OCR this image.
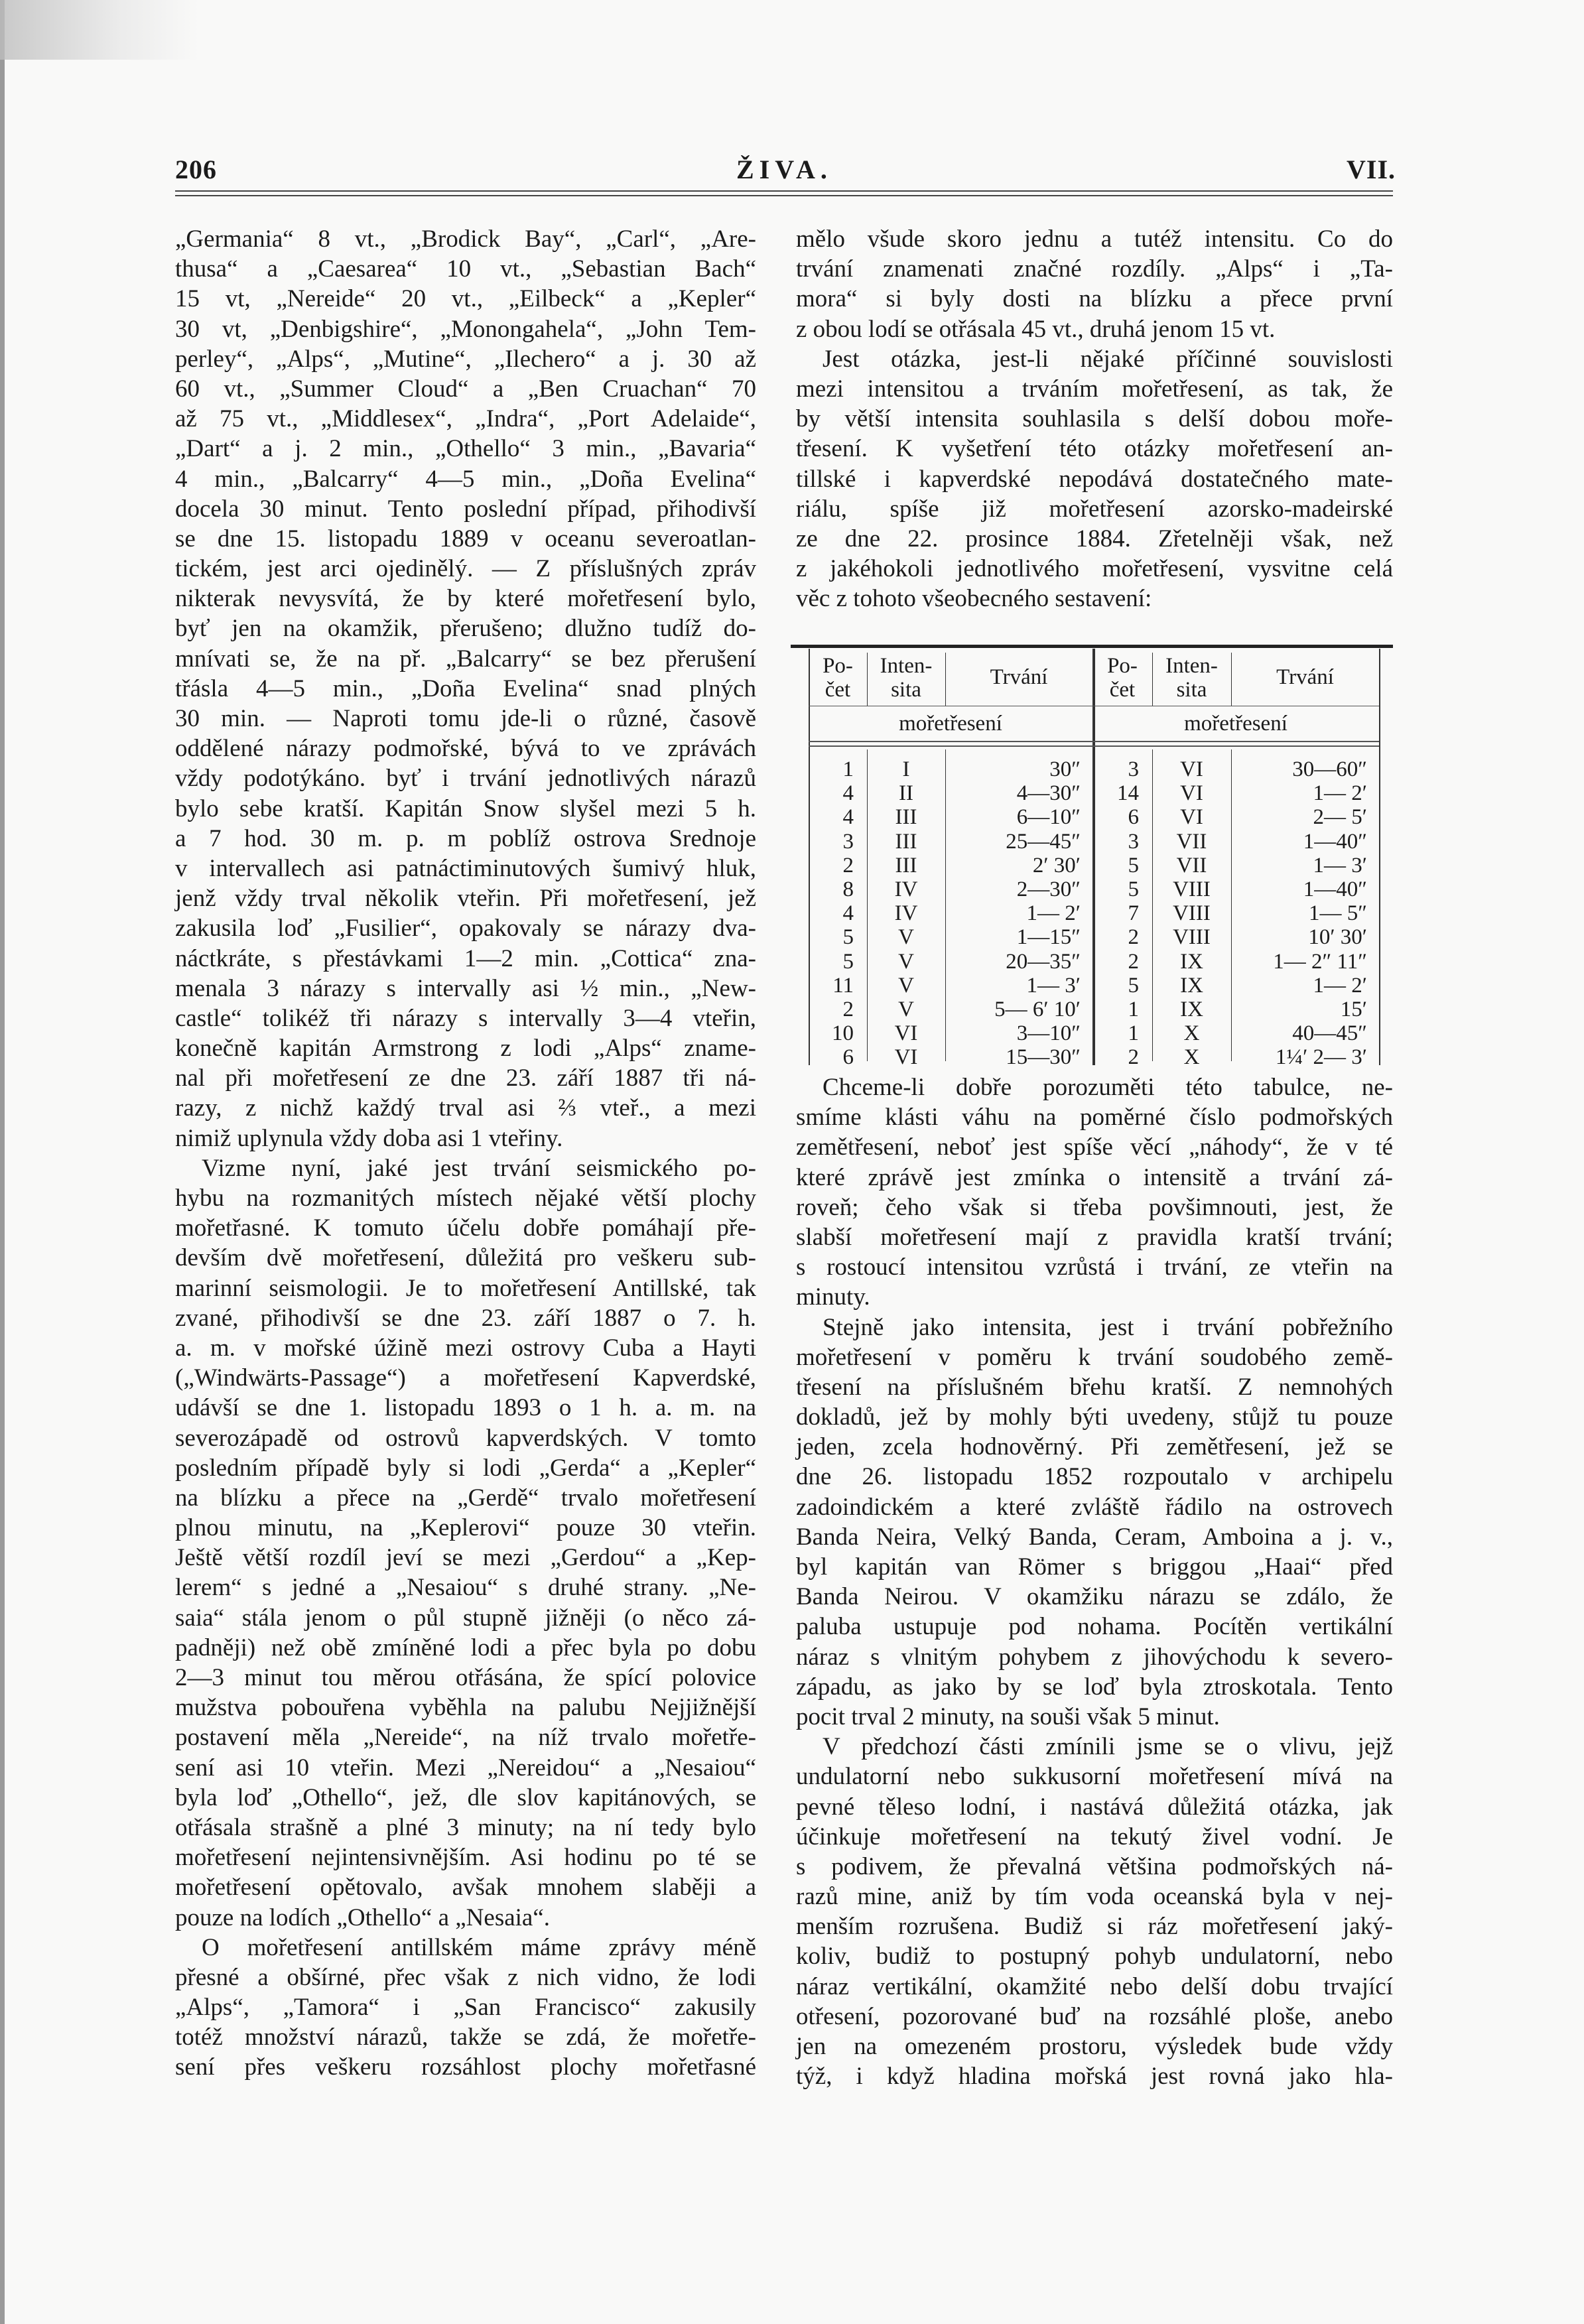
206	ŽIVA.	VII.
„Germania“ 8 vt., „Brodick Bay“, „Carl“, „Are-
thusa“ a „Caesarea“ 10 vt., „Sebastian Bach“
15 vt, „Nereide“ 20 vt., „Eilbeck“ a „Kepler“
30 vt, „Denbigshire“, „Monongahela“, „John Tem-
perley“, „Alps“, „Mutine“, „Ilechero“ a j. 30 až
60 vt., „Summer Cloud“ a „Ben Cruachan“ 70
až 75 vt., „Middlesex“, „Indra“, „Port Adelaide“,
„Dart“ a j. 2 min., „Othello“ 3 min., „Bavaria“
4 min., „Balcarry“ 4—5 min., „Doña Evelina“
docela 30 minut. Tento poslední případ, přihodivší
se dne 15. listopadu 1889 v oceanu severoatlan-
tickém, jest arci ojedinělý. — Z příslušných zpráv
nikterak nevysvítá, že by které mořetřesení bylo,
byť jen na okamžik, přerušeno; dlužno tudíž do-
mnívati se, že na př. „Balcarry“ se bez přerušení
třásla 4—5 min., „Doña Evelina“ snad plných
30 min. — Naproti tomu jde-li o různé, časově
oddělené nárazy podmořské, bývá to ve zprávách
vždy podotýkáno. byť i trvání jednotlivých nárazů
bylo sebe kratší. Kapitán Snow slyšel mezi 5 h.
a 7 hod. 30 m. p. m poblíž ostrova Srednoje
v intervallech asi patnáctiminutových šumivý hluk,
jenž vždy trval několik vteřin. Při mořetřesení, jež
zakusila loď „Fusilier“, opakovaly se nárazy dva-
náctkráte, s přestávkami 1—2 min. „Cottica“ zna-
menala 3 nárazy s intervally asi ½ min., „New-
castle“ tolikéž tři nárazy s intervally 3—4 vteřin,
konečně kapitán Armstrong z lodi „Alps“ zname-
nal při mořetřesení ze dne 23. září 1887 tři ná-
razy, z nichž každý trval asi ⅔ vteř., a mezi
nimiž uplynula vždy doba asi 1 vteřiny.
Vizme nyní, jaké jest trvání seismického po-
hybu na rozmanitých místech nějaké větší plochy
mořetřasné. K tomuto účelu dobře pomáhají pře-
devším dvě mořetřesení, důležitá pro veškeru sub-
marinní seismologii. Je to mořetřesení Antillské, tak
zvané, přihodivší se dne 23. září 1887 o 7. h.
a. m. v mořské úžině mezi ostrovy Cuba a Hayti
(„Windwärts-Passage“) a mořetřesení Kapverdské,
udávší se dne 1. listopadu 1893 o 1 h. a. m. na
severozápadě od ostrovů kapverdských. V tomto
posledním případě byly si lodi „Gerda“ a „Kepler“
na blízku a přece na „Gerdě“ trvalo mořetřesení
plnou minutu, na „Keplerovi“ pouze 30 vteřin.
Ještě větší rozdíl jeví se mezi „Gerdou“ a „Kep-
lerem“ s jedné a „Nesaiou“ s druhé strany. „Ne-
saia“ stála jenom o půl stupně jižněji (o něco zá-
padněji) než obě zmíněné lodi a přec byla po dobu
2—3 minut tou měrou otřásána, že spící polovice
mužstva pobouřena vyběhla na palubu Nejjižnější
postavení měla „Nereide“, na níž trvalo mořetře-
sení asi 10 vteřin. Mezi „Nereidou“ a „Nesaiou“
byla loď „Othello“, jež, dle slov kapitánových, se
otřásala strašně a plné 3 minuty; na ní tedy bylo
mořetřesení nejintensivnějším. Asi hodinu po té se
mořetřesení opětovalo, avšak mnohem slaběji a
pouze na lodích „Othello“ a „Nesaia“.
O mořetřesení antillském máme zprávy méně
přesné a obšírné, přec však z nich vidno, že lodi
„Alps“, „Tamora“ i „San Francisco“ zakusily
totéž množství nárazů, takže se zdá, že mořetře-
sení přes veškeru rozsáhlost plochy mořetřasné
mělo všude skoro jednu a tutéž intensitu. Co do
trvání znamenati značné rozdíly. „Alps“ i „Ta-
mora“ si byly dosti na blízku a přece první
z obou lodí se otřásala 45 vt., druhá jenom 15 vt.
Jest otázka, jest-li nějaké příčinné souvislosti
mezi intensitou a trváním mořetřesení, as tak, že
by větší intensita souhlasila s delší dobou moře-
třesení. K vyšetření této otázky mořetřesení an-
tillské i kapverdské nepodává dostatečného mate-
riálu, spíše již mořetřesení azorsko-madeirské
ze dne 22. prosince 1884. Zřetelněji však, než
z jakéhokoli jednotlivého mořetřesení, vysvitne celá
věc z tohoto všeobecného sestavení:
Po-
čet
Inten-
sita
Trvání
mořetřesení
Po-
čet
Inten-
sita
Trvání
mořetřesení
1	I	30″
4	II	4—30″
4	III	6—10″
3	III	25—45″
2	III	2′ 30′
8	IV	2—30″
4	IV	1— 2′
5	V	1—15″
5	V	20—35″
11	V	1— 3′
2	V	5— 6′ 10′
10	VI	3—10″
6	VI	15—30″
3	VI	30—60″
14	VI	1— 2′
6	VI	2— 5′
3	VII	1—40″
5	VII	1— 3′
5	VIII	1—40″
7	VIII	1— 5″
2	VIII	10′ 30′
2	IX	1— 2″ 11″
5	IX	1— 2′
1	IX	15′
1	X	40—45″
2	X	1¼′ 2— 3′
Chceme-li dobře porozuměti této tabulce, ne-
smíme klásti váhu na poměrné číslo podmořských
zemětřesení, neboť jest spíše věcí „náhody“, že v té
které zprávě jest zmínka o intensitě a trvání zá-
roveň; čeho však si třeba povšimnouti, jest, že
slabší mořetřesení mají z pravidla kratší trvání;
s rostoucí intensitou vzrůstá i trvání, ze vteřin na
minuty.
Stejně jako intensita, jest i trvání pobřežního
mořetřesení v poměru k trvání soudobého země-
třesení na příslušném břehu kratší. Z nemnohých
dokladů, jež by mohly býti uvedeny, stůjž tu pouze
jeden, zcela hodnověrný. Při zemětřesení, jež se
dne 26. listopadu 1852 rozpoutalo v archipelu
zadoindickém a které zvláště řádilo na ostrovech
Banda Neira, Velký Banda, Ceram, Amboina a j. v.,
byl kapitán van Römer s briggou „Haai“ před
Banda Neirou. V okamžiku nárazu se zdálo, že
paluba ustupuje pod nohama. Pocítěn vertikální
náraz s vlnitým pohybem z jihovýchodu k severo-
západu, as jako by se loď byla ztroskotala. Tento
pocit trval 2 minuty, na souši však 5 minut.
V předchozí části zmínili jsme se o vlivu, jejž
undulatorní nebo sukkusorní mořetřesení mívá na
pevné těleso lodní, i nastává důležitá otázka, jak
účinkuje mořetřesení na tekutý živel vodní. Je
s podivem, že převalná většina podmořských ná-
razů mine, aniž by tím voda oceanská byla v nej-
menším rozrušena. Budiž si ráz mořetřesení jaký-
koliv, budiž to postupný pohyb undulatorní, nebo
náraz vertikální, okamžité nebo delší dobu trvající
otřesení, pozorované buď na rozsáhlé ploše, anebo
jen na omezeném prostoru, výsledek bude vždy
týž, i když hladina mořská jest rovná jako hla-
